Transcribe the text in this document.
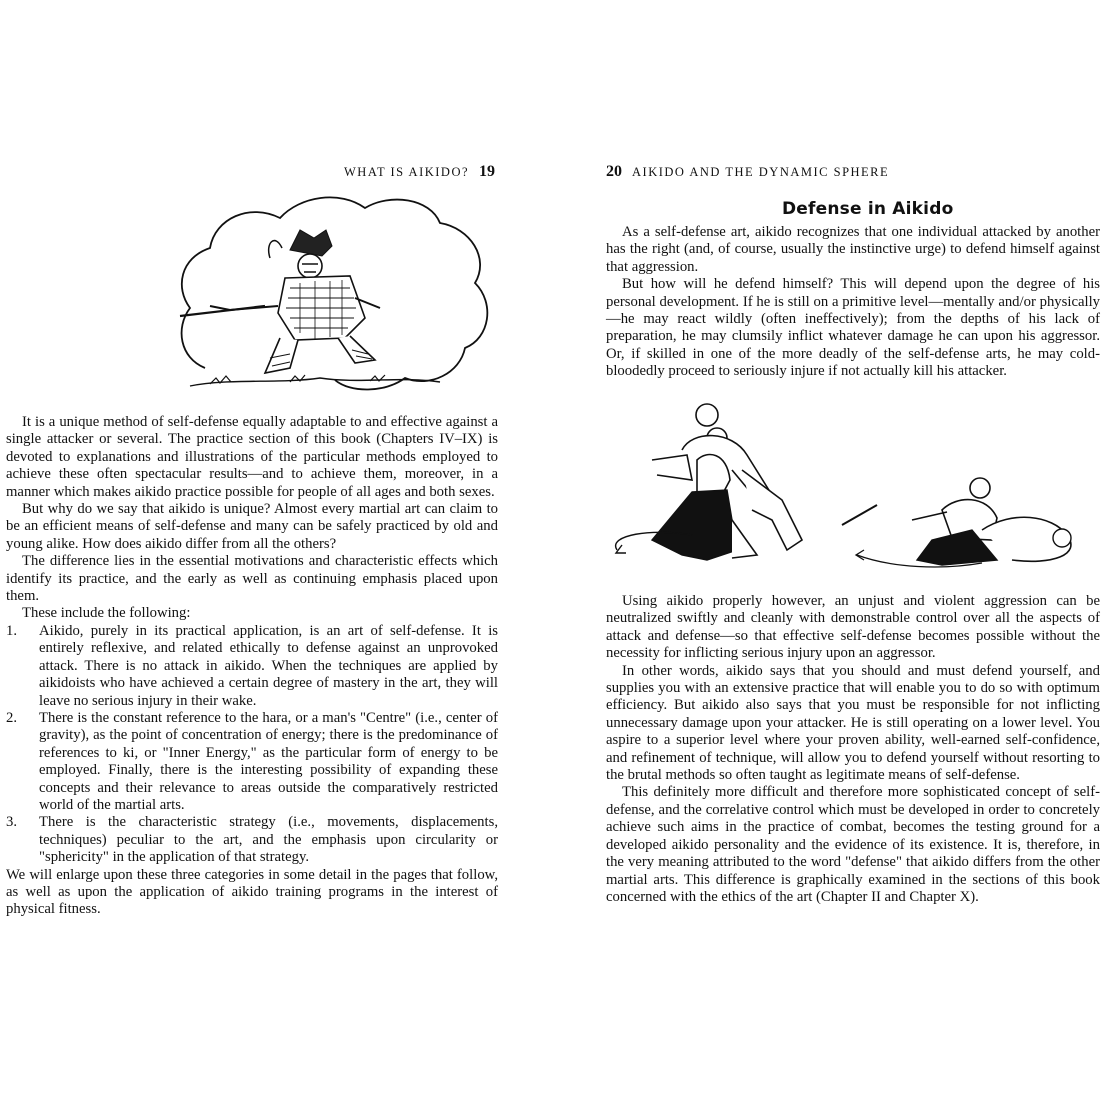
WHAT IS AIKIDO? 19

It is a unique method of self-defense equally adaptable to and effective against a single attacker or several. The practice section of this book (Chapters IV–IX) is devoted to explanations and illustrations of the particular methods employed to achieve these often spectacular results—and to achieve them, moreover, in a manner which makes aikido practice possible for people of all ages and both sexes.

But why do we say that aikido is unique? Almost every martial art can claim to be an efficient means of self-defense and many can be safely practiced by old and young alike. How does aikido differ from all the others?

The difference lies in the essential motivations and characteristic effects which identify its practice, and the early as well as continuing emphasis placed upon them.

These include the following:

1. Aikido, purely in its practical application, is an art of self-defense. It is entirely reflexive, and related ethically to defense against an unprovoked attack. There is no attack in aikido. When the techniques are applied by aikidoists who have achieved a certain degree of mastery in the art, they will leave no serious injury in their wake.
2. There is the constant reference to the hara, or a man's "Centre" (i.e., center of gravity), as the point of concentration of energy; there is the predominance of references to ki, or "Inner Energy," as the particular form of energy to be employed. Finally, there is the interesting possibility of expanding these concepts and their relevance to areas outside the comparatively restricted world of the martial arts.
3. There is the characteristic strategy (i.e., movements, displacements, techniques) peculiar to the art, and the emphasis upon circularity or "sphericity" in the application of that strategy.

We will enlarge upon these three categories in some detail in the pages that follow, as well as upon the application of aikido training programs in the interest of physical fitness.

20 AIKIDO AND THE DYNAMIC SPHERE
Defense in Aikido

As a self-defense art, aikido recognizes that one individual attacked by another has the right (and, of course, usually the instinctive urge) to defend himself against that aggression.

But how will he defend himself? This will depend upon the degree of his personal development. If he is still on a primitive level—mentally and/or physically—he may react wildly (often ineffectively); from the depths of his lack of preparation, he may clumsily inflict whatever damage he can upon his aggressor. Or, if skilled in one of the more deadly of the self-defense arts, he may cold-bloodedly proceed to seriously injure if not actually kill his attacker.

Using aikido properly however, an unjust and violent aggression can be neutralized swiftly and cleanly with demonstrable control over all the aspects of attack and defense—so that effective self-defense becomes possible without the necessity for inflicting serious injury upon an aggressor.

In other words, aikido says that you should and must defend yourself, and supplies you with an extensive practice that will enable you to do so with optimum efficiency. But aikido also says that you must be responsible for not inflicting unnecessary damage upon your attacker. He is still operating on a lower level. You aspire to a superior level where your proven ability, well-earned self-confidence, and refinement of technique, will allow you to defend yourself without resorting to the brutal methods so often taught as legitimate means of self-defense.

This definitely more difficult and therefore more sophisticated concept of self-defense, and the correlative control which must be developed in order to concretely achieve such aims in the practice of combat, becomes the testing ground for a developed aikido personality and the evidence of its existence. It is, therefore, in the very meaning attributed to the word "defense" that aikido differs from the other martial arts. This difference is graphically examined in the sections of this book concerned with the ethics of the art (Chapter II and Chapter X).
